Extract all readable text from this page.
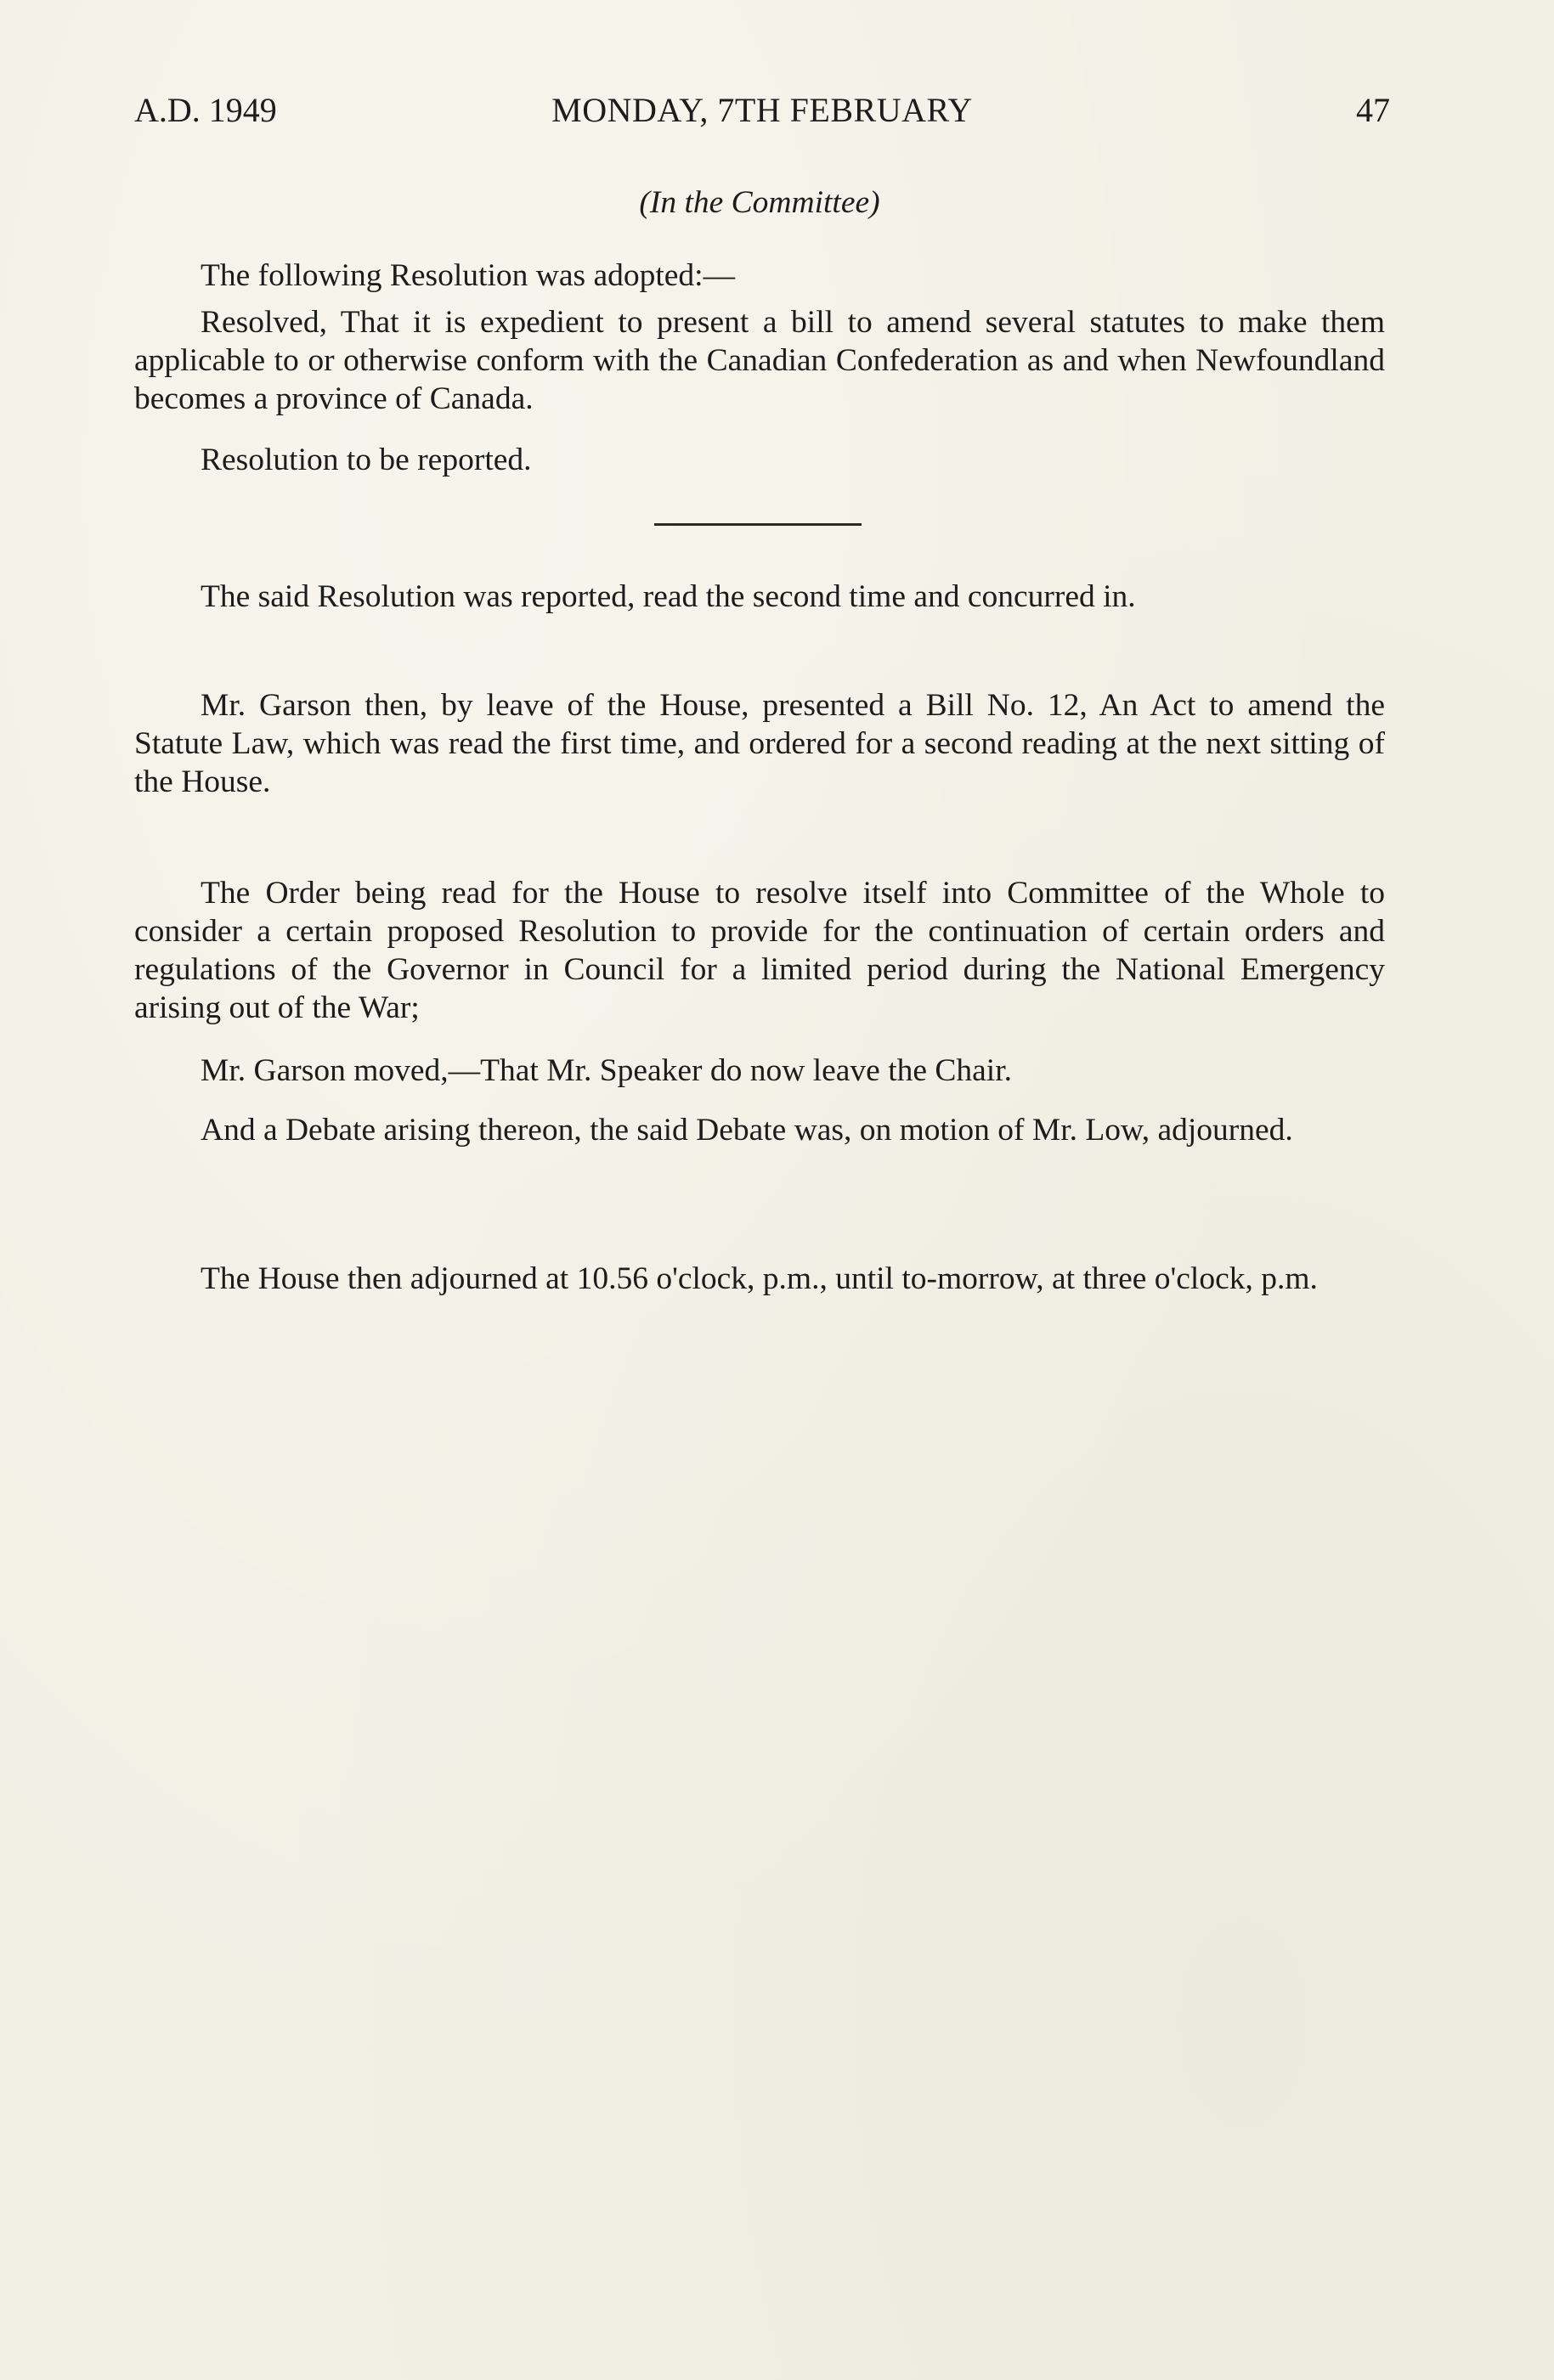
A.D. 1949	MONDAY, 7TH FEBRUARY	47

(In the Committee)

The following Resolution was adopted:—

Resolved, That it is expedient to present a bill to amend several statutes to make them applicable to or otherwise conform with the Canadian Confederation as and when Newfoundland becomes a province of Canada.

Resolution to be reported.

The said Resolution was reported, read the second time and concurred in.

Mr. Garson then, by leave of the House, presented a Bill No. 12, An Act to amend the Statute Law, which was read the first time, and ordered for a second reading at the next sitting of the House.

The Order being read for the House to resolve itself into Committee of the Whole to consider a certain proposed Resolution to provide for the continuation of certain orders and regulations of the Governor in Council for a limited period during the National Emergency arising out of the War;

Mr. Garson moved,—That Mr. Speaker do now leave the Chair.

And a Debate arising thereon, the said Debate was, on motion of Mr. Low, adjourned.

The House then adjourned at 10.56 o'clock, p.m., until to-morrow, at three o'clock, p.m.
